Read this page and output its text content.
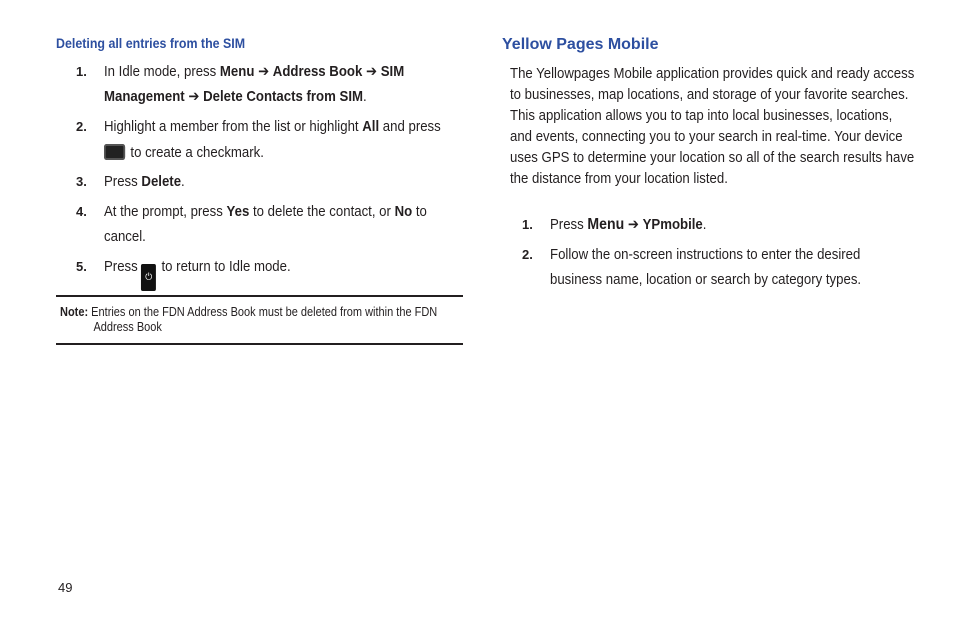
Deleting all entries from the SIM
1. In Idle mode, press Menu ➔ Address Book ➔ SIM
Management ➔ Delete Contacts from SIM.
2. Highlight a member from the list or highlight All and press
to create a checkmark.
3. Press Delete.
4. At the prompt, press Yes to delete the contact, or No to
cancel.
5. Press⏻to return to Idle mode.
Note: Entries on the FDN Address Book must be deleted from within the FDN
Address Book
Yellow Pages Mobile
The Yellowpages Mobile application provides quick and ready access to businesses, map locations, and storage of your favorite searches. This application allows you to tap into local businesses, locations, and events, connecting you to your search in real-time. Your device uses GPS to determine your location so all of the search results have the distance from your location listed.
1. Press Menu ➔ YPmobile.
2. Follow the on-screen instructions to enter the desired
business name, location or search by category types.
49
